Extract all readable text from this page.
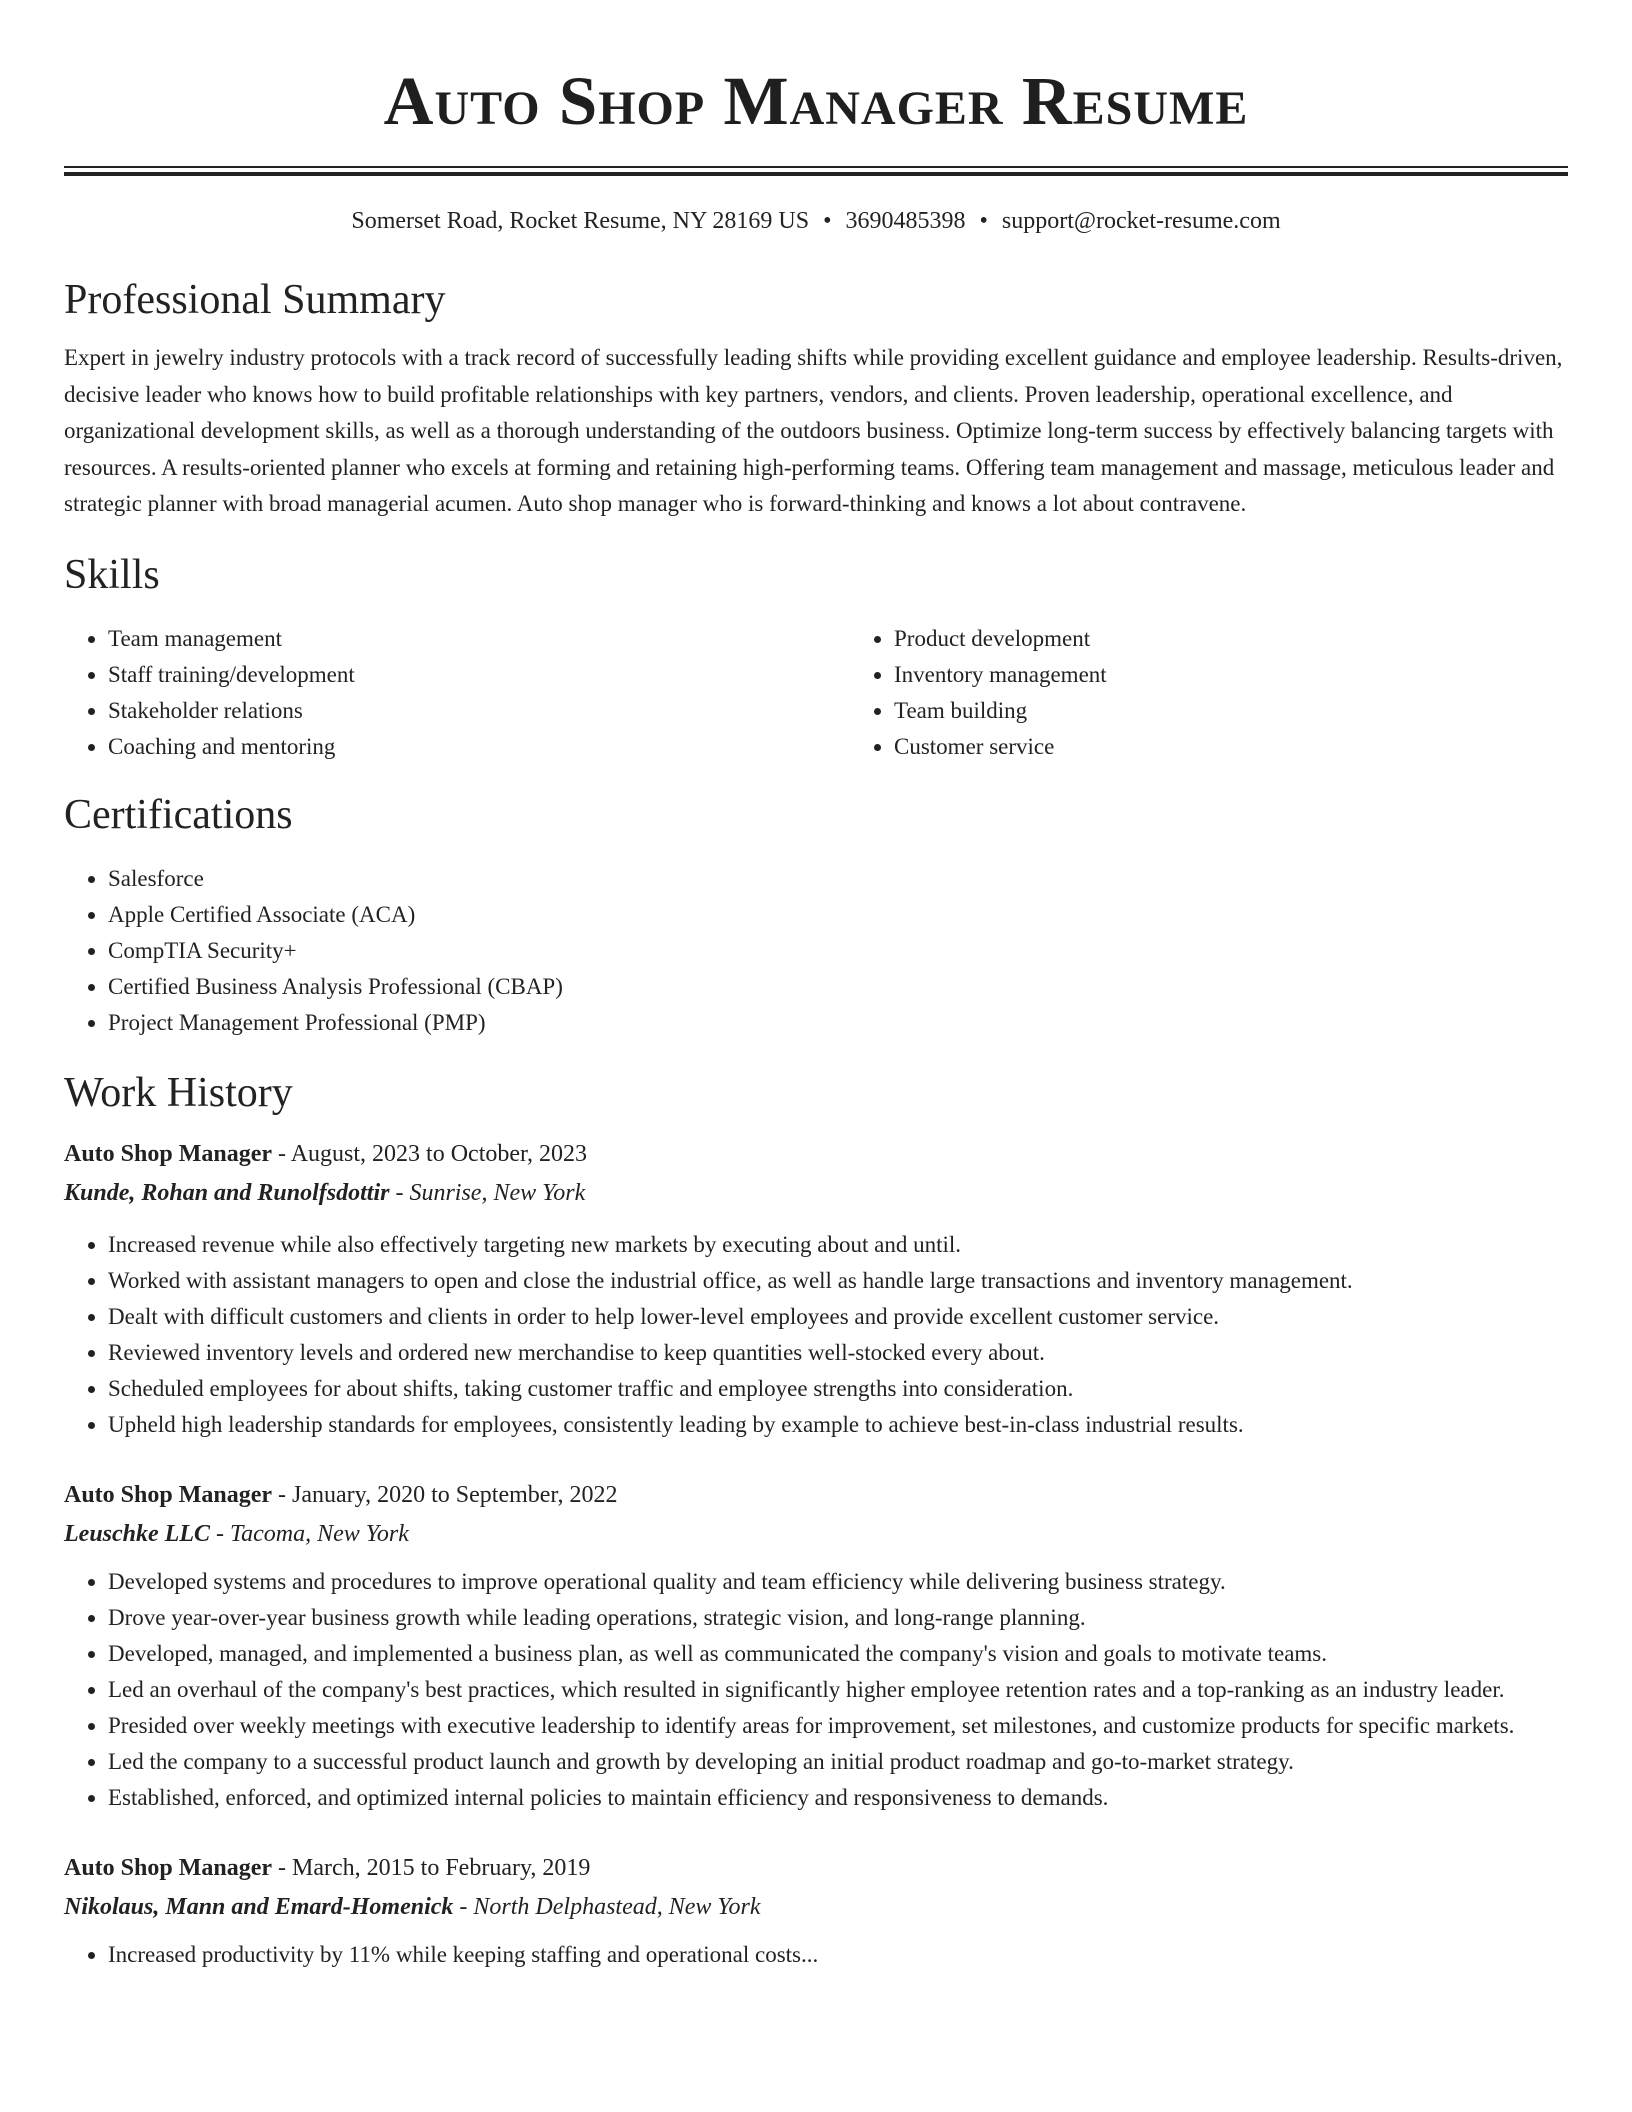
Auto Shop Manager Resume
Somerset Road, Rocket Resume, NY 28169 US • 3690485398 • support@rocket-resume.com
Professional Summary

Expert in jewelry industry protocols with a track record of successfully leading shifts while providing excellent guidance and employee leadership. Results-driven, decisive leader who knows how to build profitable relationships with key partners, vendors, and clients. Proven leadership, operational excellence, and organizational development skills, as well as a thorough understanding of the outdoors business. Optimize long-term success by effectively balancing targets with resources. A results-oriented planner who excels at forming and retaining high-performing teams. Offering team management and massage, meticulous leader and strategic planner with broad managerial acumen. Auto shop manager who is forward-thinking and knows a lot about contravene.

Skills
• Team management
• Staff training/development
• Stakeholder relations
• Coaching and mentoring
• Product development
• Inventory management
• Team building
• Customer service
Certifications
• Salesforce
• Apple Certified Associate (ACA)
• CompTIA Security+
• Certified Business Analysis Professional (CBAP)
• Project Management Professional (PMP)
Work History
Auto Shop Manager - August, 2023 to October, 2023
Kunde, Rohan and Runolfsdottir - Sunrise, New York
• Increased revenue while also effectively targeting new markets by executing about and until.
• Worked with assistant managers to open and close the industrial office, as well as handle large transactions and inventory management.
• Dealt with difficult customers and clients in order to help lower-level employees and provide excellent customer service.
• Reviewed inventory levels and ordered new merchandise to keep quantities well-stocked every about.
• Scheduled employees for about shifts, taking customer traffic and employee strengths into consideration.
• Upheld high leadership standards for employees, consistently leading by example to achieve best-in-class industrial results.
Auto Shop Manager - January, 2020 to September, 2022
Leuschke LLC - Tacoma, New York
• Developed systems and procedures to improve operational quality and team efficiency while delivering business strategy.
• Drove year-over-year business growth while leading operations, strategic vision, and long-range planning.
• Developed, managed, and implemented a business plan, as well as communicated the company's vision and goals to motivate teams.
• Led an overhaul of the company's best practices, which resulted in significantly higher employee retention rates and a top-ranking as an industry leader.
• Presided over weekly meetings with executive leadership to identify areas for improvement, set milestones, and customize products for specific markets.
• Led the company to a successful product launch and growth by developing an initial product roadmap and go-to-market strategy.
• Established, enforced, and optimized internal policies to maintain efficiency and responsiveness to demands.
Auto Shop Manager - March, 2015 to February, 2019
Nikolaus, Mann and Emard-Homenick - North Delphastead, New York
• Increased productivity by 11% while keeping staffing and operational costs...
